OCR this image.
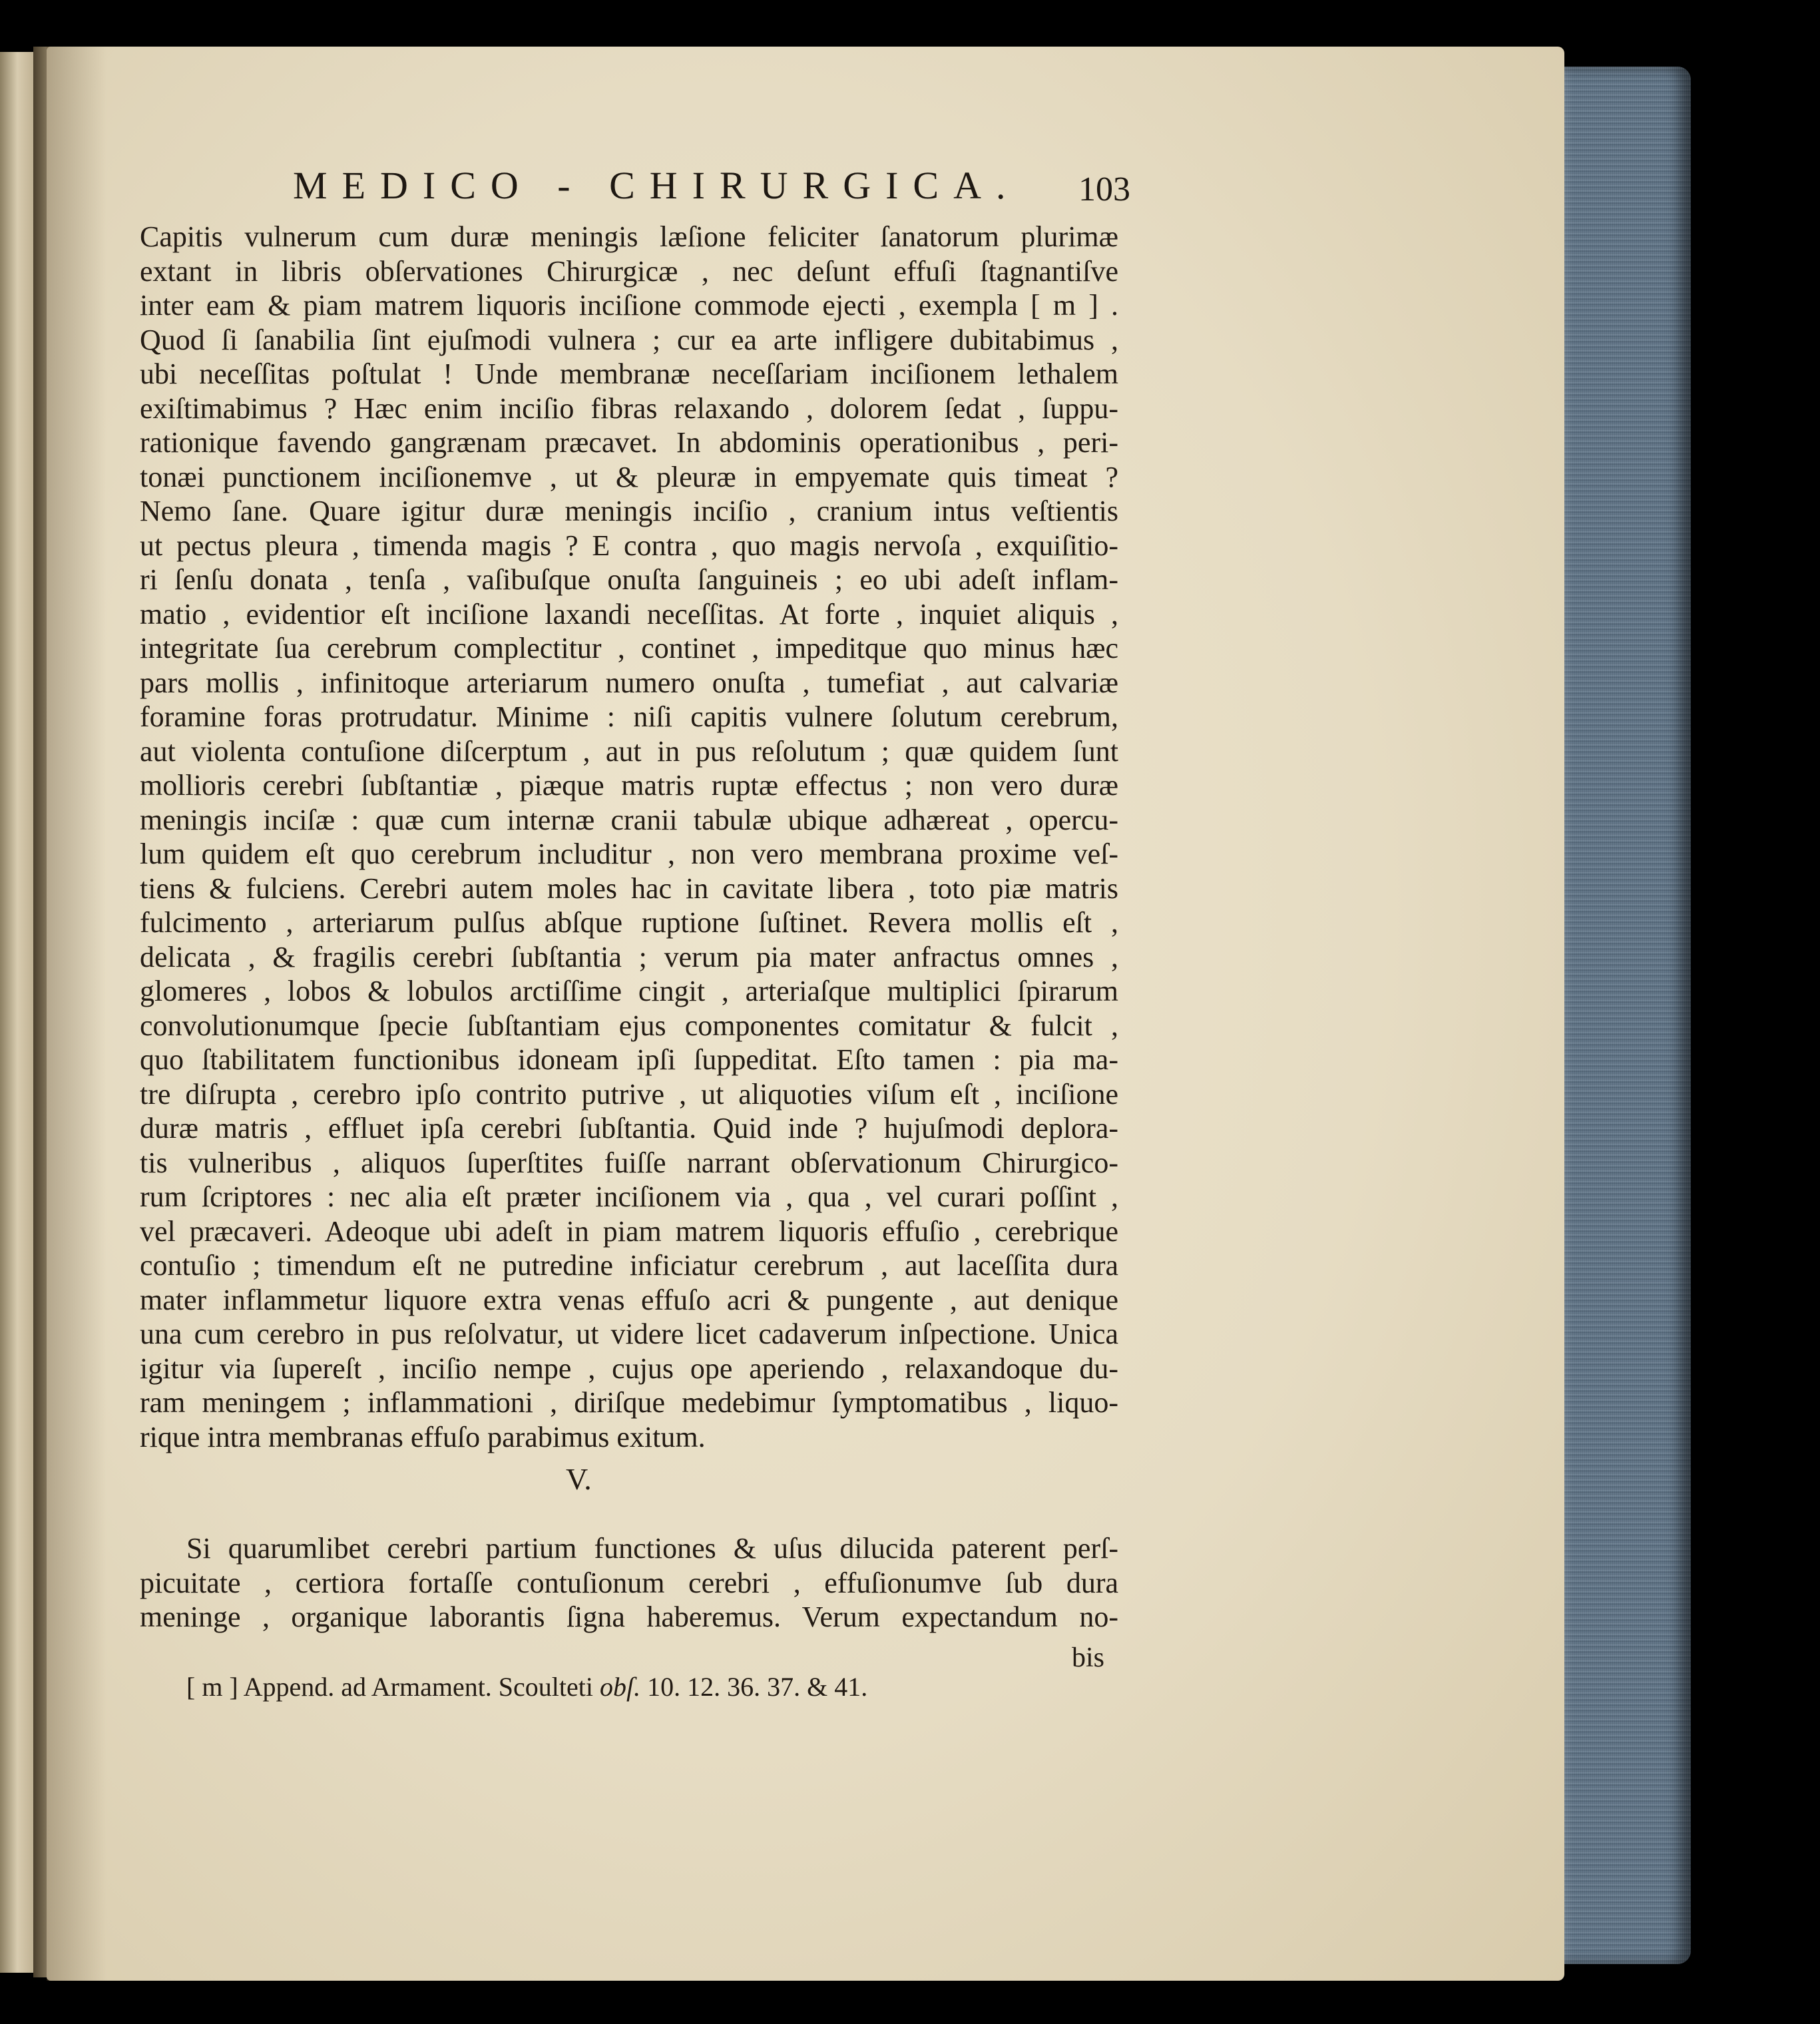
MEDICO - CHIRURGICA. 103
Capitis vulnerum cum duræ meningis læſione feliciter ſanatorum plurimæ
extant in libris obſervationes Chirurgicæ , nec deſunt effuſi ſtagnantiſve
inter eam & piam matrem liquoris inciſione commode ejecti , exempla [ m ] .
Quod ſi ſanabilia ſint ejuſmodi vulnera ; cur ea arte infligere dubitabimus ,
ubi neceſſitas poſtulat ! Unde membranæ neceſſariam inciſionem lethalem
exiſtimabimus ? Hæc enim inciſio fibras relaxando , dolorem ſedat , ſuppu-
rationique favendo gangrænam præcavet. In abdominis operationibus , peri-
tonæi punctionem inciſionemve , ut & pleuræ in empyemate quis timeat ?
Nemo ſane. Quare igitur duræ meningis inciſio , cranium intus veſtientis
ut pectus pleura , timenda magis ? E contra , quo magis nervoſa , exquiſitio-
ri ſenſu donata , tenſa , vaſibuſque onuſta ſanguineis ; eo ubi adeſt inflam-
matio , evidentior eſt inciſione laxandi neceſſitas. At forte , inquiet aliquis ,
integritate ſua cerebrum complectitur , continet , impeditque quo minus hæc
pars mollis , infinitoque arteriarum numero onuſta , tumefiat , aut calvariæ
foramine foras protrudatur. Minime : niſi capitis vulnere ſolutum cerebrum,
aut violenta contuſione diſcerptum , aut in pus reſolutum ; quæ quidem ſunt
mollioris cerebri ſubſtantiæ , piæque matris ruptæ effectus ; non vero duræ
meningis inciſæ : quæ cum internæ cranii tabulæ ubique adhæreat , opercu-
lum quidem eſt quo cerebrum includitur , non vero membrana proxime veſ-
tiens & fulciens. Cerebri autem moles hac in cavitate libera , toto piæ matris
fulcimento , arteriarum pulſus abſque ruptione ſuſtinet. Revera mollis eſt ,
delicata , & fragilis cerebri ſubſtantia ; verum pia mater anfractus omnes ,
glomeres , lobos & lobulos arctiſſime cingit , arteriaſque multiplici ſpirarum
convolutionumque ſpecie ſubſtantiam ejus componentes comitatur & fulcit ,
quo ſtabilitatem functionibus idoneam ipſi ſuppeditat. Eſto tamen : pia ma-
tre diſrupta , cerebro ipſo contrito putrive , ut aliquoties viſum eſt , inciſione
duræ matris , effluet ipſa cerebri ſubſtantia. Quid inde ? hujuſmodi deplora-
tis vulneribus , aliquos ſuperſtites fuiſſe narrant obſervationum Chirurgico-
rum ſcriptores : nec alia eſt præter inciſionem via , qua , vel curari poſſint ,
vel præcaveri. Adeoque ubi adeſt in piam matrem liquoris effuſio , cerebrique
contuſio ; timendum eſt ne putredine inficiatur cerebrum , aut laceſſita dura
mater inflammetur liquore extra venas effuſo acri & pungente , aut denique
una cum cerebro in pus reſolvatur, ut videre licet cadaverum inſpectione. Unica
igitur via ſupereſt , inciſio nempe , cujus ope aperiendo , relaxandoque du-
ram meningem ; inflammationi , diriſque medebimur ſymptomatibus , liquo-
rique intra membranas effuſo parabimus exitum.
V.
Si quarumlibet cerebri partium functiones & uſus dilucida paterent perſ-
picuitate , certiora fortaſſe contuſionum cerebri , effuſionumve ſub dura
meninge , organique laborantis ſigna haberemus. Verum expectandum no-
bis
[ m ] Append. ad Armament. Scoulteti obſ. 10. 12. 36. 37. & 41.
